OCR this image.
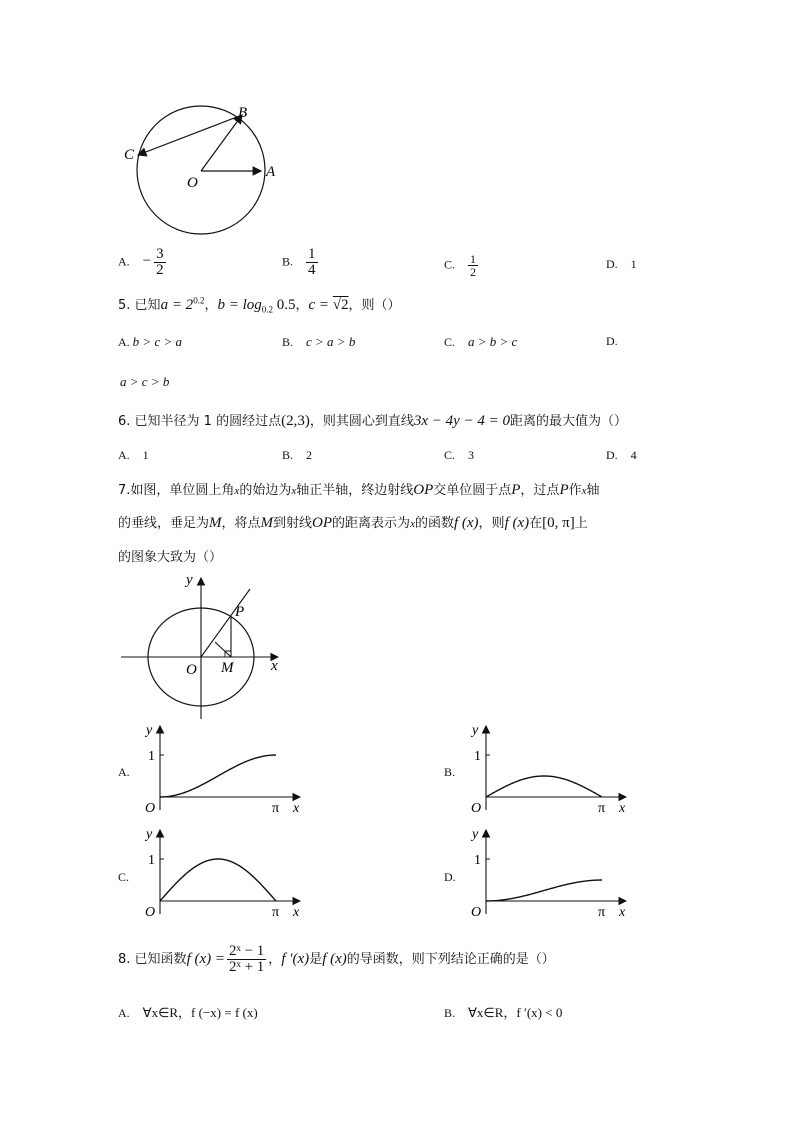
B
C
O
A
A. − $\frac{3}{2}$	B. $\frac{1}{4}$	C. $\frac{1}{2}$	D. 1
5. 已知$a = 2^{0.2}$，$b = \log_{0.2} 0.5$，c = √2，则（）
A. b > c > a	B. c > a > b	C. a > b > c	D.
a > c > b
6. 已知半径为 1 的圆经过点(2,3)，则其圆心到直线3x − 4y − 4 = 0距离的最大值为（）
A. 1	B. 2	C. 3	D. 4
7.如图，单位圆上角x的始边为x轴正半轴，终边射线OP交单位圆于点P，过点P作x轴
的垂线，垂足为M，将点M到射线OP的距离表示为x的函数f (x)，则f (x)在[0, π]上
的图象大致为（）
y
P
O M	x
A.	B.
C.	D.
y
1
O	π x
y
1
O	π x
y
1
O	π x
y
1
O	π x
8. 已知函数f $(x) = \frac{\text{2ˣ − 1}}{\text{2ˣ + 1}}$ ，f ′(x)是f (x)的导函数，则下列结论正确的是（）
A. ∀x∈R，f (−x) = f (x)	B. ∀x∈R，f ′(x) < 0
